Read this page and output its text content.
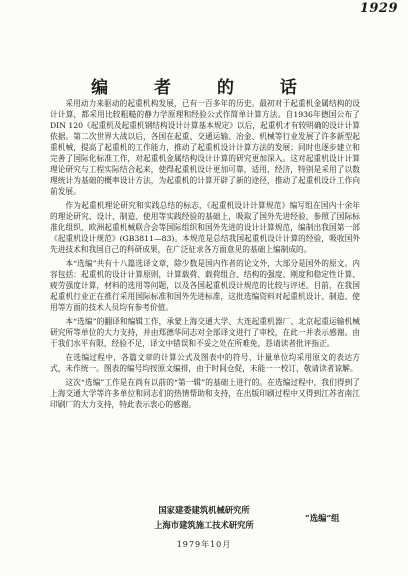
1929
编 者 的 话

采用动力来驱动的起重机构发展，已有一百多年的历史。最初对于起重机金属结构的设计计算，都采用比较粗糙的静力学原理和经验公式作简单计算方法。自1936年德国公布了DIN 120《起重机及起重机钢结构设计计算基本规定》以后，起重机才有较明确的设计计算依据。第二次世界大战以后，各国在起重、交通运输、冶金、机械等行业发展了许多新型起重机械，提高了起重机的工作能力，推动了起重机设计计算方法的发展；同时也逐步建立和完善了国际化标准工作，对起重机金属结构设计计算的研究更加深入。这对起重机设计计算理论研究与工程实际结合起来，使得起重机设计更加可靠，适用，经济，特别是采用了以数理统计为基础的概率设计方法，为起重机的计算开辟了新的途径，推动了起重机设计工作向前发展。

作为起重机理论研究和实践总结的标志，《起重机设计计算规范》编写组在国内十余年的理论研究、设计、制造、使用等实践经验的基础上，吸取了国外先进经验，参照了国际标准化组织、欧洲起重机械联合会等国际组织和国外先进的设计计算规范，编制出我国第一部《起重机设计规范》(GB3811—83)。本规范是总结我国起重机设计计算的经验，吸收国外先进技术和我国自己的科研成果，在广泛征求各方面意见的基础上编制成的。

本“选编”共有十八篇选译文章，除少数是国内作者的论文外，大部分是国外的原文。内容包括：起重机的设计计算原则，计算载荷、载荷组合、结构的强度、刚度和稳定性计算、疲劳强度计算，材料的选用等问题，以及各国起重机设计规范的比较与评述。目前，在我国起重机行业正在推行采用国际标准和国外先进标准，这批选编资料对起重机设计、制造、使用等方面的技术人员均有参考价值。

本“选编”的翻译和编辑工作，承蒙上海交通大学、大连起重机器厂、北京起重运输机械研究所等单位的大力支持，并由郑德华同志对全部译文进行了审校，在此一并表示感谢。由于我们水平有限，经验不足，译文中错误和不妥之处在所难免，恳请读者批评指正。

在选编过程中，各篇文章的计算公式及图表中的符号、计量单位均采用原文的表达方式，未作统一。图表的编号均按原文编排，由于时间仓促，未能一一校订，敬请读者谅解。

这次“选编”工作是在尚有以前的“第一辑”的基础上进行的。在选编过程中，我们得到了上海交通大学等许多单位和同志们的热情帮助和支持，在出版印刷过程中又得到江苏省南江印刷厂的大力支持，特此表示衷心的感谢。

国家建委建筑机械研究所
上海市建筑施工技术研究所
“选编”组
1979年10月
